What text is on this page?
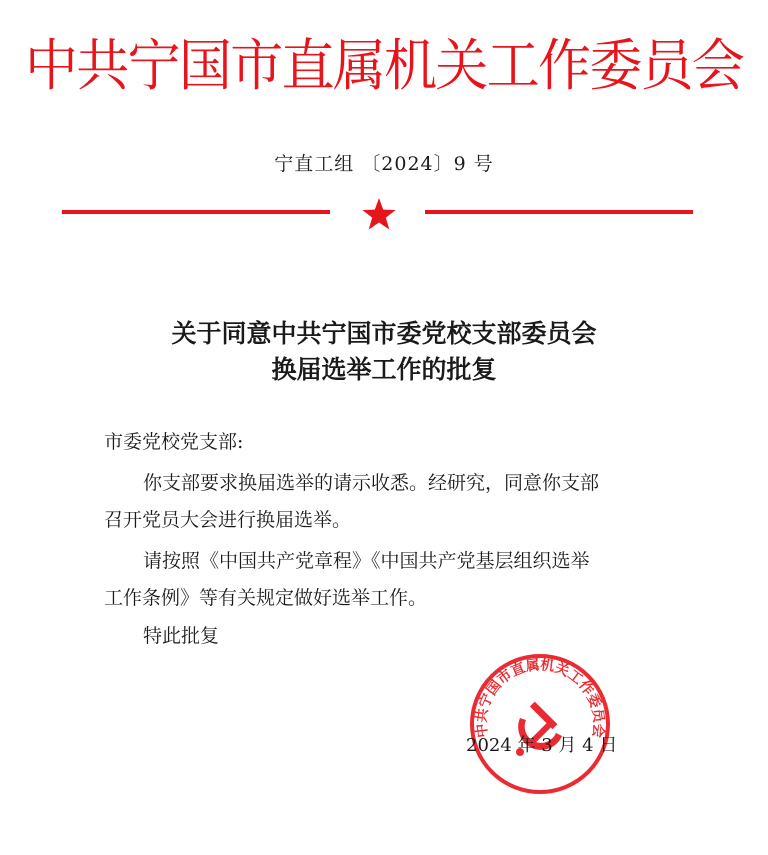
中共宁国市直属机关工作委员会
宁直工组 〔2024〕9 号
关于同意中共宁国市委党校支部委员会
换届选举工作的批复
市委党校党支部:
你支部要求换届选举的请示收悉。经研究，同意你支部
召开党员大会进行换届选举。
请按照《中国共产党章程》《中国共产党基层组织选举
工作条例》等有关规定做好选举工作。
特此批复
中共宁国市直属机关工作委员会
2024 年 3 月 4 日
